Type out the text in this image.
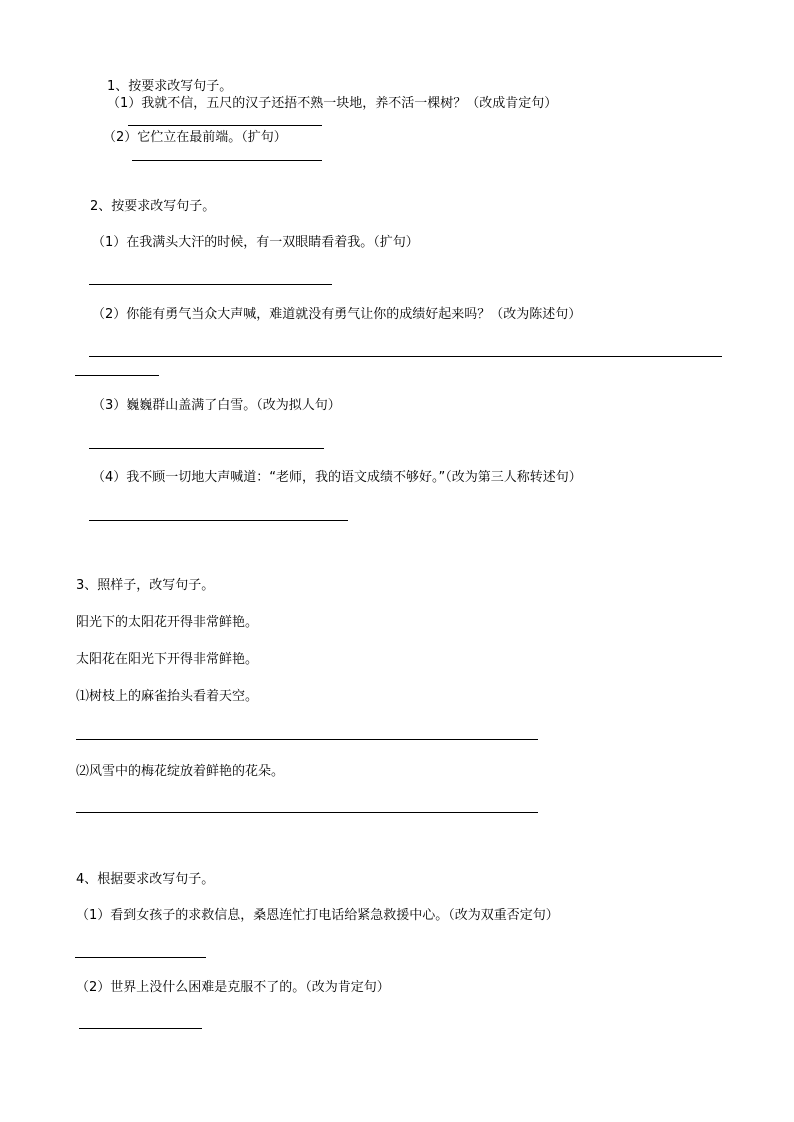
1、按要求改写句子。
（1）我就不信，五尺的汉子还捂不熟一块地，养不活一棵树？（改成肯定句）
（2）它伫立在最前端。（扩句）
2、按要求改写句子。
（1）在我满头大汗的时候，有一双眼睛看着我。（扩句）
（2）你能有勇气当众大声喊，难道就没有勇气让你的成绩好起来吗？（改为陈述句）
（3）巍巍群山盖满了白雪。（改为拟人句）
（4）我不顾一切地大声喊道：“老师，我的语文成绩不够好。”（改为第三人称转述句）
3、照样子，改写句子。
阳光下的太阳花开得非常鲜艳。
太阳花在阳光下开得非常鲜艳。
⑴树枝上的麻雀抬头看着天空。
⑵风雪中的梅花绽放着鲜艳的花朵。
4、根据要求改写句子。
（1）看到女孩子的求救信息，桑恩连忙打电话给紧急救援中心。（改为双重否定句）
（2）世界上没什么困难是克服不了的。（改为肯定句）
